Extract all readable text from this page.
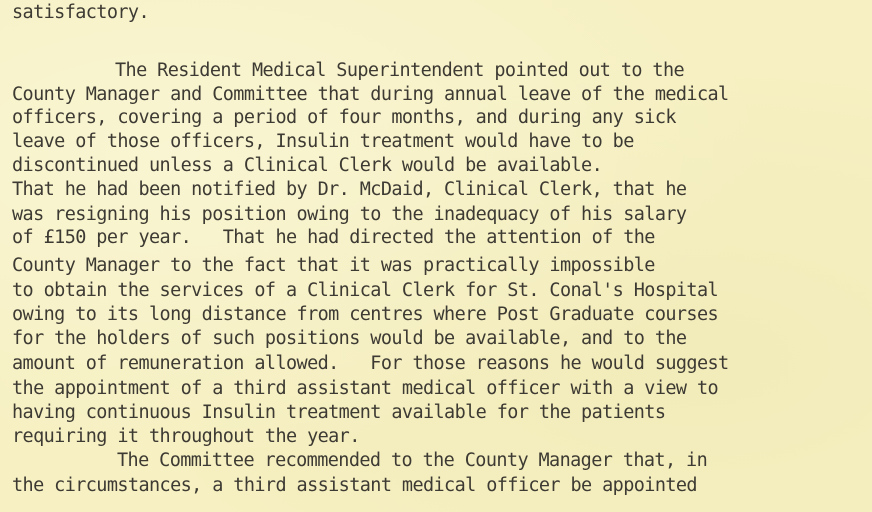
satisfactory.
The Resident Medical Superintendent pointed out to the
County Manager and Committee that during annual leave of the medical
officers, covering a period of four months, and during any sick
leave of those officers, Insulin treatment would have to be
discontinued unless a Clinical Clerk would be available.
That he had been notified by Dr. McDaid, Clinical Clerk, that he
was resigning his position owing to the inadequacy of his salary
of £150 per year.   That he had directed the attention of the
County Manager to the fact that it was practically impossible
to obtain the services of a Clinical Clerk for St. Conal's Hospital
owing to its long distance from centres where Post Graduate courses
for the holders of such positions would be available, and to the
amount of remuneration allowed.   For those reasons he would suggest
the appointment of a third assistant medical officer with a view to
having continuous Insulin treatment available for the patients
requiring it throughout the year.
The Committee recommended to the County Manager that, in
the circumstances, a third assistant medical officer be appointed
